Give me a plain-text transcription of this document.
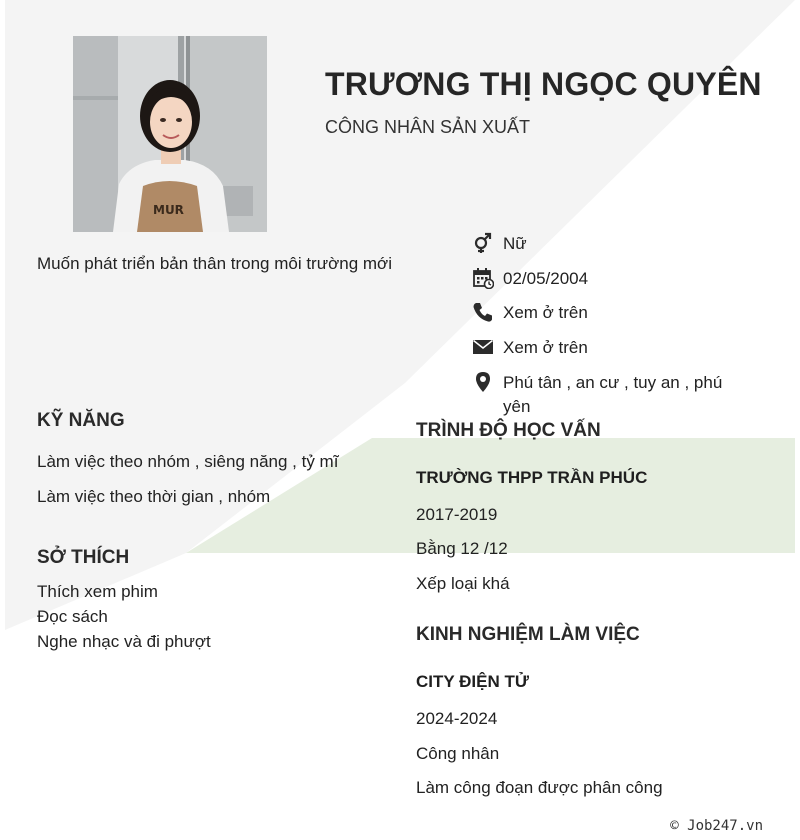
MUR
TRƯƠNG THỊ NGỌC QUYÊN
CÔNG NHÂN SẢN XUẤT
Muốn phát triển bản thân trong môi trường mới
Nữ
02/05/2004
Xem ở trên
Xem ở trên
Phú tân , an cư , tuy an , phú yên
KỸ NĂNG
Làm việc theo nhóm , siêng năng , tỷ mĩ
Làm việc theo thời gian , nhóm
SỞ THÍCH
Thích xem phim
Đọc sách
Nghe nhạc và đi phượt
TRÌNH ĐỘ HỌC VẤN
TRƯỜNG THPP TRẦN PHÚC
2017-2019
Bằng 12 /12
Xếp loại khá
KINH NGHIỆM LÀM VIỆC
CITY ĐIỆN TỬ
2024-2024
Công nhân
Làm công đoạn được phân công
© Job247.vn
